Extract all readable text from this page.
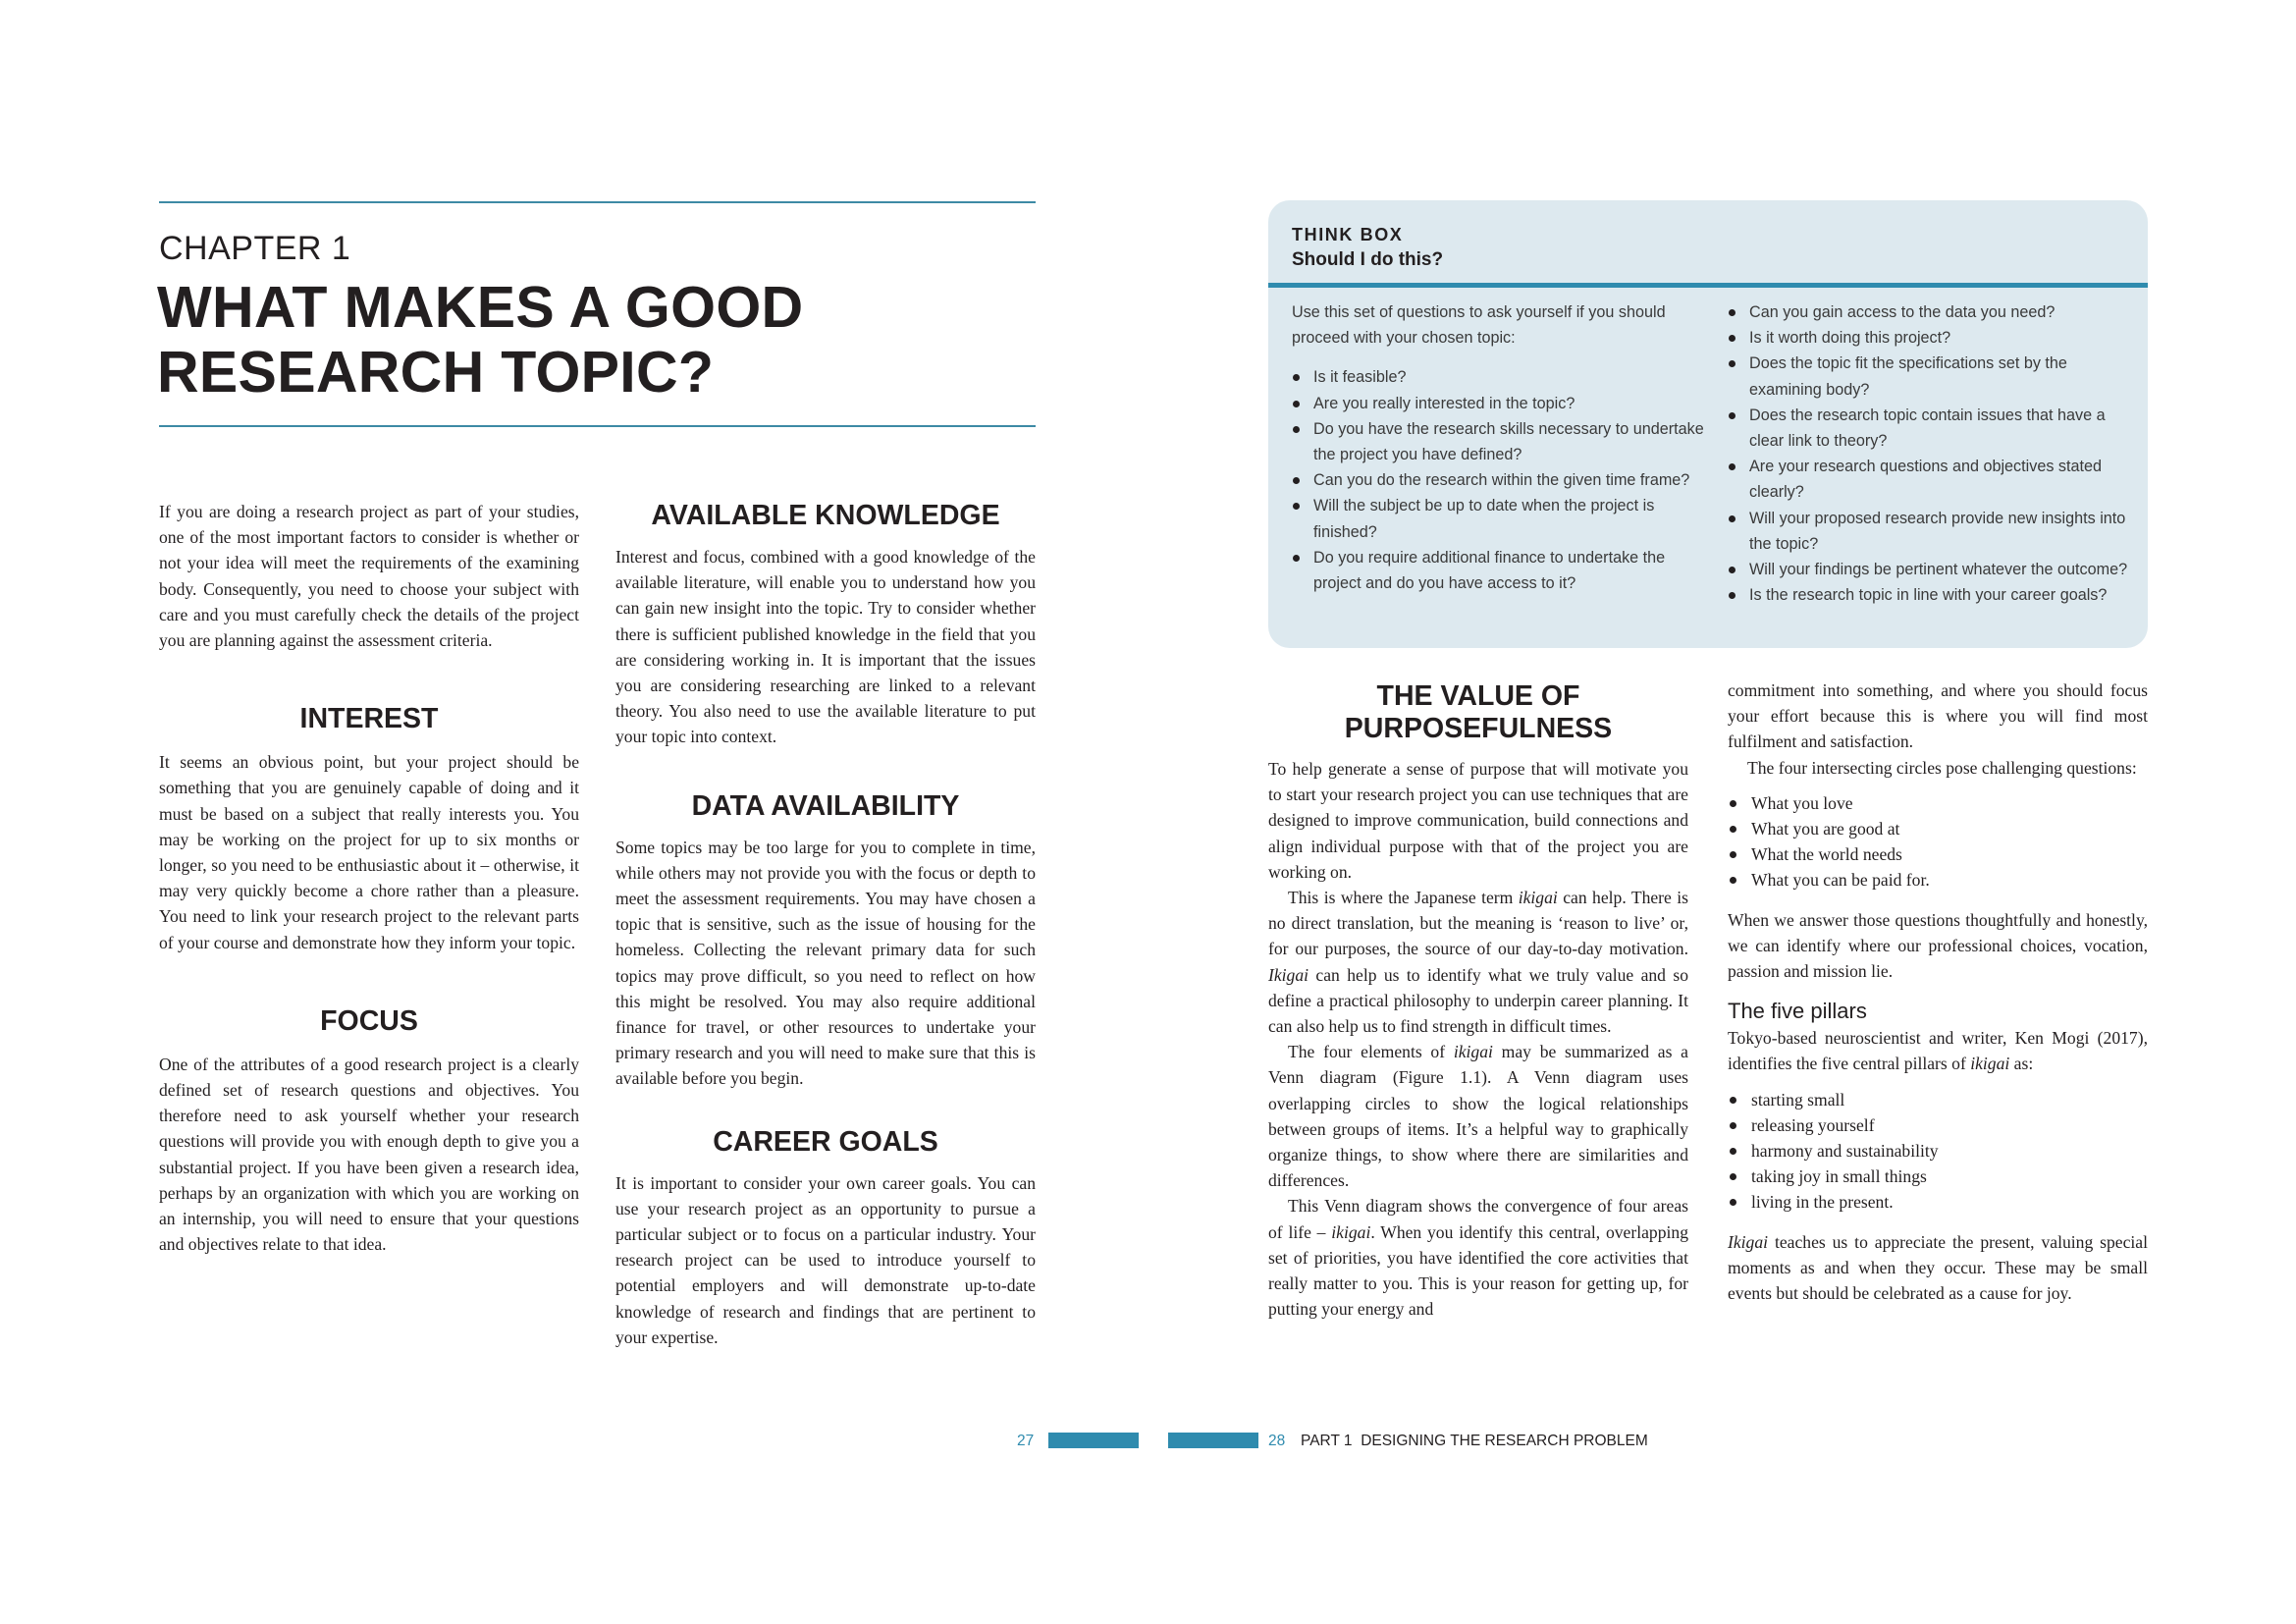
CHAPTER 1
WHAT MAKES A GOOD RESEARCH TOPIC?

If you are doing a research project as part of your studies, one of the most important factors to consider is whether or not your idea will meet the requirements of the examining body. Consequently, you need to choose your subject with care and you must carefully check the details of the project you are planning against the assessment criteria.

INTEREST

It seems an obvious point, but your project should be something that you are genuinely capable of doing and it must be based on a subject that really interests you. You may be working on the project for up to six months or longer, so you need to be enthusiastic about it – otherwise, it may very quickly become a chore rather than a pleasure. You need to link your research project to the relevant parts of your course and demonstrate how they inform your topic.

FOCUS

One of the attributes of a good research project is a clearly defined set of research questions and objectives. You therefore need to ask yourself whether your research questions will provide you with enough depth to give you a substantial project. If you have been given a research idea, perhaps by an organization with which you are working on an internship, you will need to ensure that your questions and objectives relate to that idea.

AVAILABLE KNOWLEDGE

Interest and focus, combined with a good knowledge of the available literature, will enable you to understand how you can gain new insight into the topic. Try to consider whether there is sufficient published knowledge in the field that you are considering working in. It is important that the issues you are considering researching are linked to a relevant theory. You also need to use the available literature to put your topic into context.

DATA AVAILABILITY

Some topics may be too large for you to complete in time, while others may not provide you with the focus or depth to meet the assessment requirements. You may have chosen a topic that is sensitive, such as the issue of housing for the homeless. Collecting the relevant primary data for such topics may prove difficult, so you need to reflect on how this might be resolved. You may also require additional finance for travel, or other resources to undertake your primary research and you will need to make sure that this is available before you begin.

CAREER GOALS

It is important to consider your own career goals. You can use your research project as an opportunity to pursue a particular subject or to focus on a particular industry. Your research project can be used to introduce yourself to potential employers and will demonstrate up-to-date knowledge of research and findings that are pertinent to your expertise.

THINK BOX
Should I do this?

Use this set of questions to ask yourself if you should proceed with your chosen topic:

Is it feasible?
Are you really interested in the topic?
Do you have the research skills necessary to undertake the project you have defined?
Can you do the research within the given time frame?
Will the subject be up to date when the project is finished?
Do you require additional finance to undertake the project and do you have access to it?
Can you gain access to the data you need?
Is it worth doing this project?
Does the topic fit the specifications set by the examining body?
Does the research topic contain issues that have a clear link to theory?
Are your research questions and objectives stated clearly?
Will your proposed research provide new insights into the topic?
Will your findings be pertinent whatever the outcome?
Is the research topic in line with your career goals?
THE VALUE OF PURPOSEFULNESS

To help generate a sense of purpose that will motivate you to start your research project you can use techniques that are designed to improve communication, build connections and align individual purpose with that of the project you are working on.

This is where the Japanese term ikigai can help. There is no direct translation, but the meaning is ‘reason to live’ or, for our purposes, the source of our day-to-day motivation. Ikigai can help us to identify what we truly value and so define a practical philosophy to underpin career planning. It can also help us to find strength in difficult times.

The four elements of ikigai may be summarized as a Venn diagram (Figure 1.1). A Venn diagram uses overlapping circles to show the logical relationships between groups of items. It’s a helpful way to graphically organize things, to show where there are similarities and differences.

This Venn diagram shows the convergence of four areas of life – ikigai. When you identify this central, overlapping set of priorities, you have identified the core activities that really matter to you. This is your reason for getting up, for putting your energy and

commitment into something, and where you should focus your effort because this is where you will find most fulfilment and satisfaction.

The four intersecting circles pose challenging questions:

What you love
What you are good at
What the world needs
What you can be paid for.

When we answer those questions thoughtfully and honestly, we can identify where our professional choices, vocation, passion and mission lie.

The five pillars

Tokyo-based neuroscientist and writer, Ken Mogi (2017), identifies the five central pillars of ikigai as:

starting small
releasing yourself
harmony and sustainability
taking joy in small things
living in the present.

Ikigai teaches us to appreciate the present, valuing special moments as and when they occur. These may be small events but should be celebrated as a cause for joy.

27	28 PART 1 DESIGNING THE RESEARCH PROBLEM
